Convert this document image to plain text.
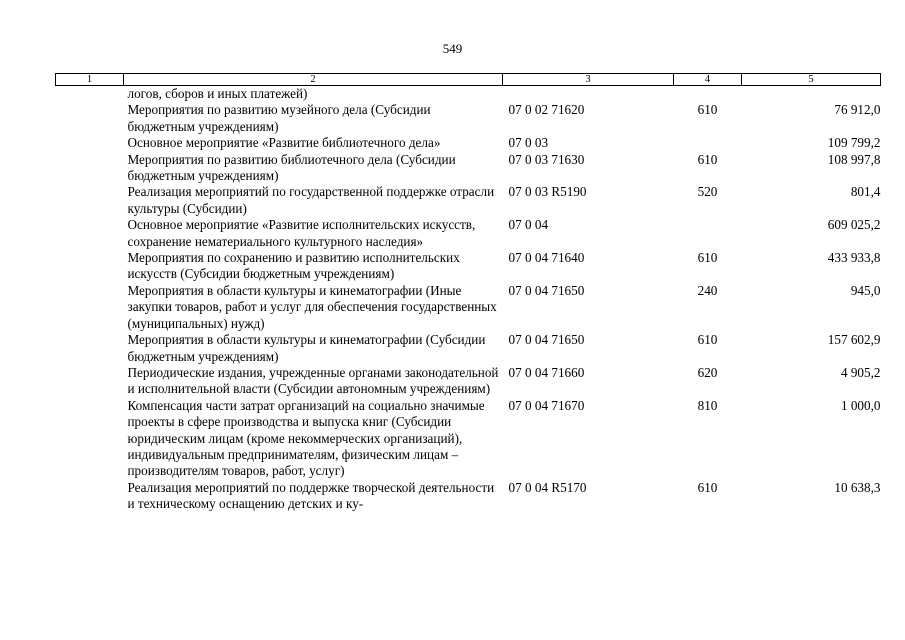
549
1	2	3	4	5
	логов, сборов и иных платежей)			
	Мероприятия по развитию музейного дела (Субсидии бюджетным учреждениям)	07 0 02 71620	610	76 912,0
	Основное мероприятие «Развитие библиотечного дела»	07 0 03		109 799,2
	Мероприятия по развитию библиотечного дела (Субсидии бюджетным учреждениям)	07 0 03 71630	610	108 997,8
	Реализация мероприятий по государственной поддержке отрасли культуры (Субсидии)	07 0 03 R5190	520	801,4
	Основное мероприятие «Развитие исполнительских искусств, сохранение нематериального культурного наследия»	07 0 04		609 025,2
	Мероприятия по сохранению и развитию исполнительских искусств (Субсидии бюджетным учреждениям)	07 0 04 71640	610	433 933,8
	Мероприятия в области культуры и кинематографии (Иные закупки товаров, работ и услуг для обеспечения государственных (муниципальных) нужд)	07 0 04 71650	240	945,0
	Мероприятия в области культуры и кинематографии (Субсидии бюджетным учреждениям)	07 0 04 71650	610	157 602,9
	Периодические издания, учрежденные органами законодательной и исполнительной власти (Субсидии автономным учреждениям)	07 0 04 71660	620	4 905,2
	Компенсация части затрат организаций на социально значимые проекты в сфере производства и выпуска книг (Субсидии юридическим лицам (кроме некоммерческих организаций), индивидуальным предпринимателям, физическим лицам – производителям товаров, работ, услуг)	07 0 04 71670	810	1 000,0
	Реализация мероприятий по поддержке творческой деятельности и техническому оснащению детских и ку-	07 0 04 R5170	610	10 638,3
